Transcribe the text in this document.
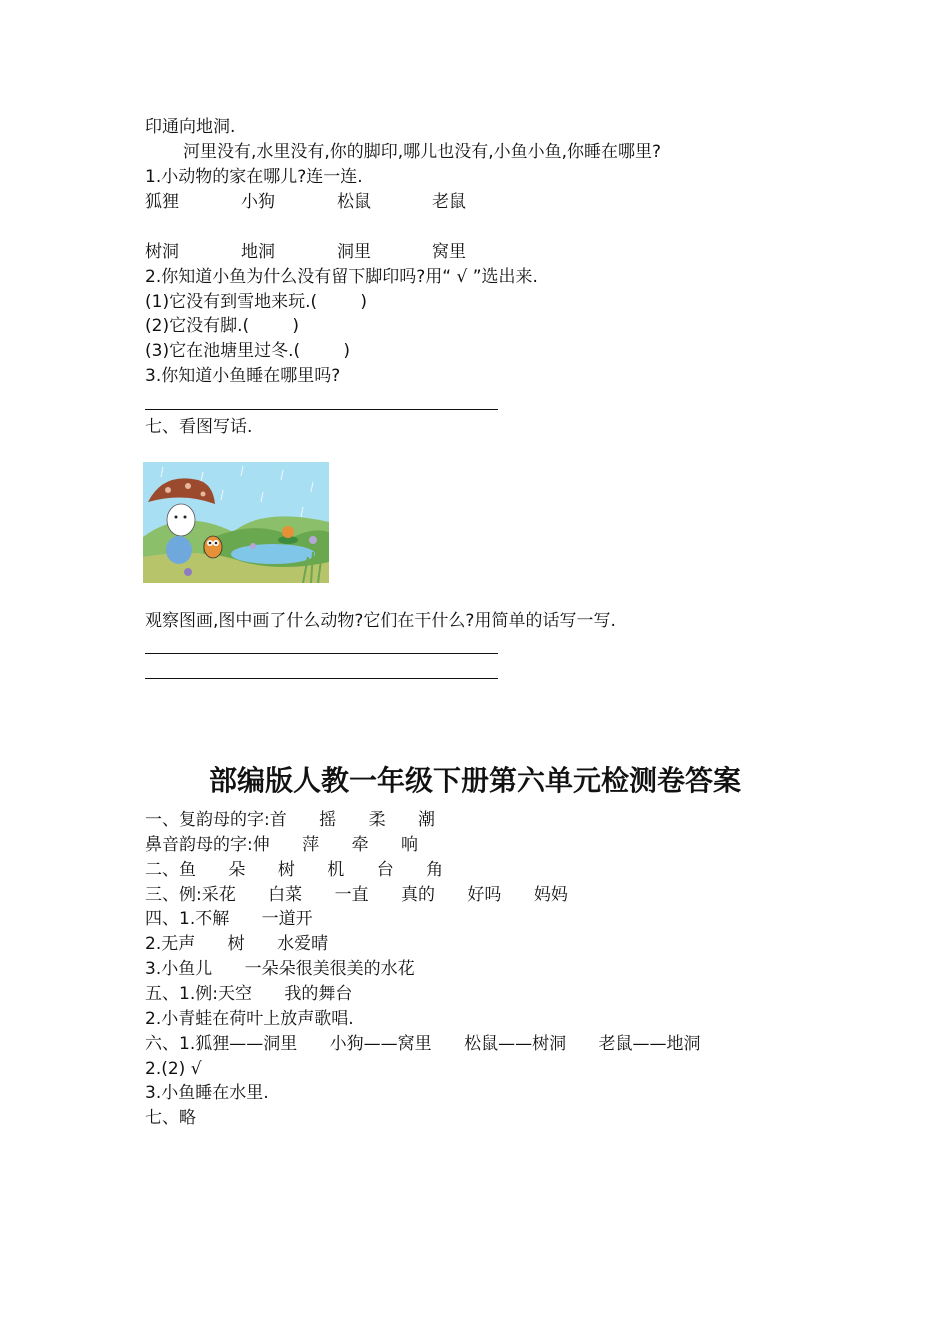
印通向地洞.
河里没有,水里没有,你的脚印,哪儿也没有,小鱼小鱼,你睡在哪里?
1.小动物的家在哪儿?连一连.
狐狸	小狗	松鼠	老鼠
树洞	地洞	洞里	窝里
2.你知道小鱼为什么没有留下脚印吗?用“ √ ”选出来.
(1)它没有到雪地来玩.(        )
(2)它没有脚.(        )
(3)它在池塘里过冬.(        )
3.你知道小鱼睡在哪里吗?
七、看图写话.
观察图画,图中画了什么动物?它们在干什么?用简单的话写一写.
部编版人教一年级下册第六单元检测卷答案
一、复韵母的字:首      摇      柔      潮
鼻音韵母的字:伸      萍      牵      响
二、鱼      朵      树      机      台      角
三、例:采花      白菜      一直      真的      好吗      妈妈
四、1.不解      一道开
2.无声      树      水爱晴
3.小鱼儿      一朵朵很美很美的水花
五、1.例:天空      我的舞台
2.小青蛙在荷叶上放声歌唱.
六、1.狐狸——洞里      小狗——窝里      松鼠——树洞      老鼠——地洞
2.(2) √
3.小鱼睡在水里.
七、略
